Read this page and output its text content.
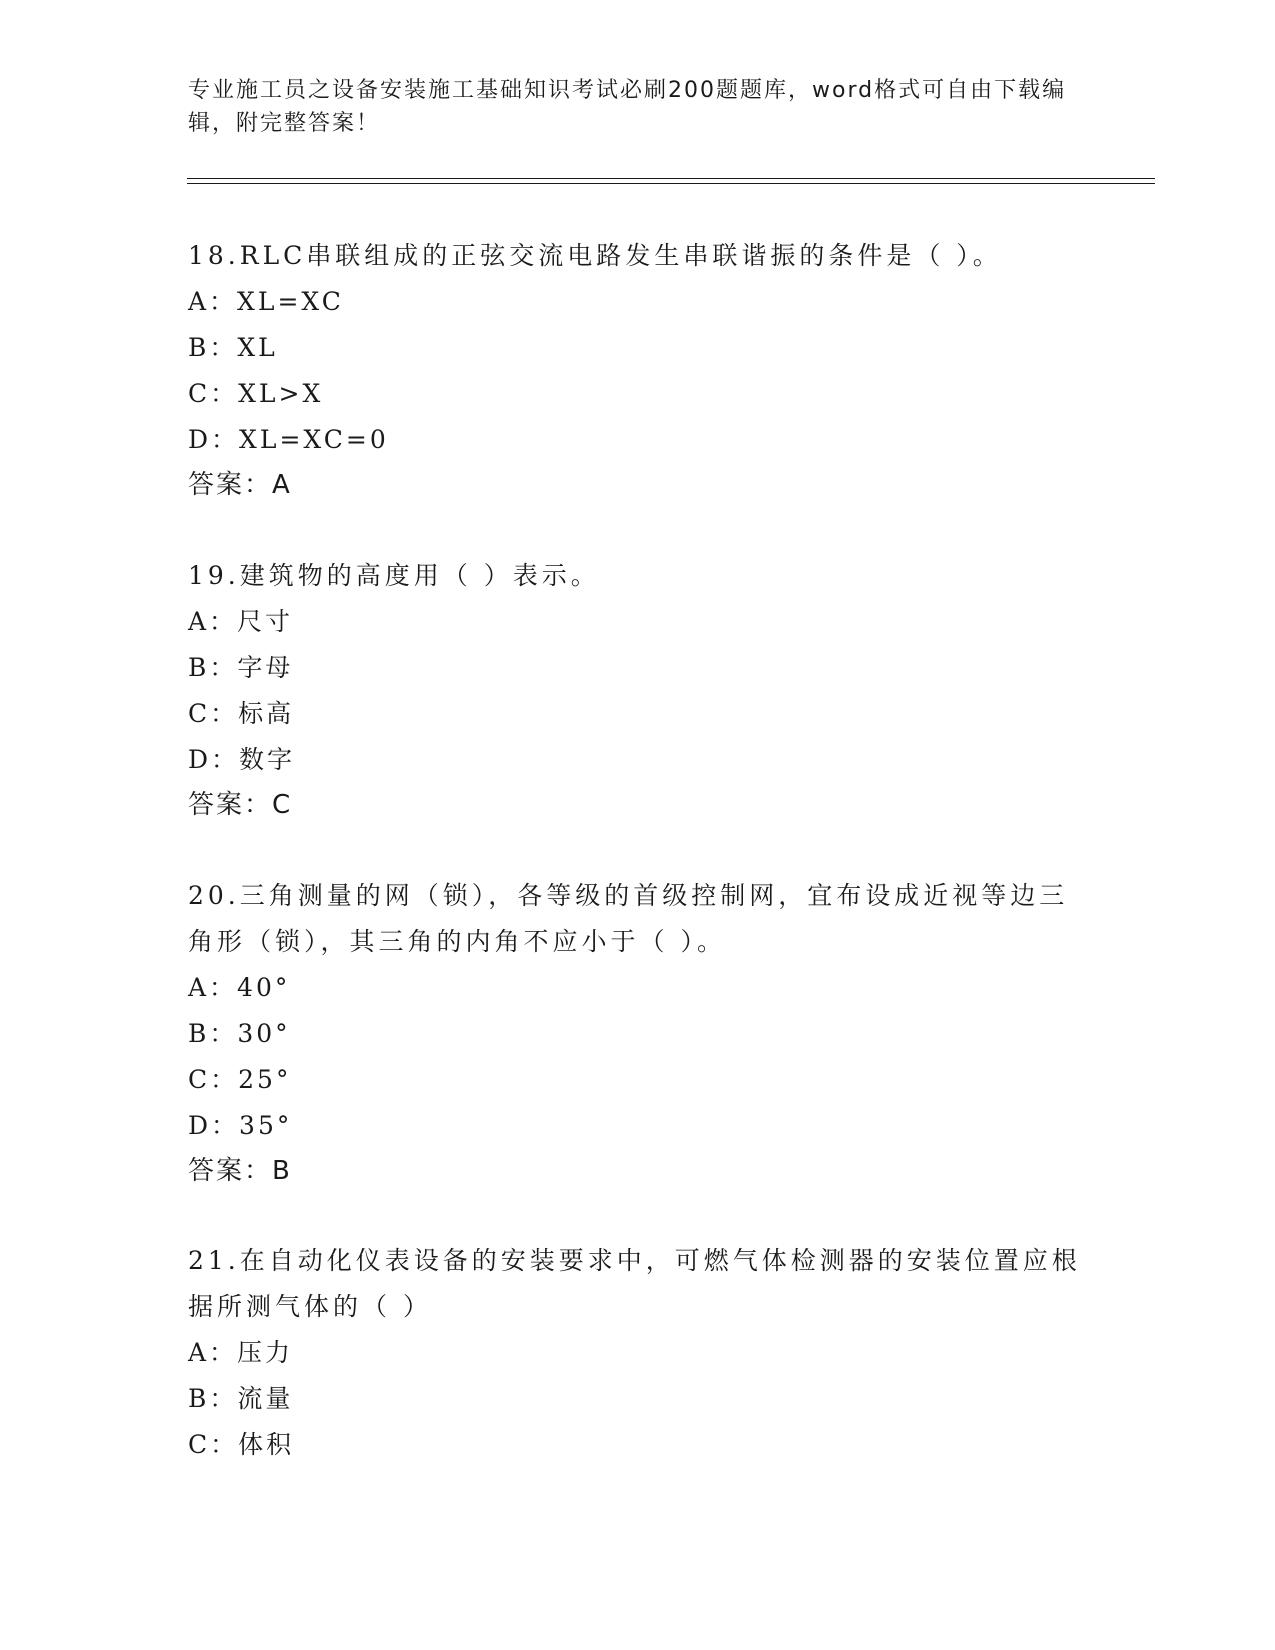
专业施工员之设备安装施工基础知识考试必刷200题题库，word格式可自由下载编辑，附完整答案！
18.RLC串联组成的正弦交流电路发生串联谐振的条件是（ ）。
A：XL=XC
B：XL
C：XL>X
D：XL=XC=0
答案：A
19.建筑物的高度用（ ）表示。
A：尺寸
B：字母
C：标高
D：数字
答案：C
20.三角测量的网（锁），各等级的首级控制网，宜布设成近视等边三角形（锁），其三角的内角不应小于（ ）。
A：40°
B：30°
C：25°
D：35°
答案：B
21.在自动化仪表设备的安装要求中，可燃气体检测器的安装位置应根据所测气体的（ ）
A：压力
B：流量
C：体积
